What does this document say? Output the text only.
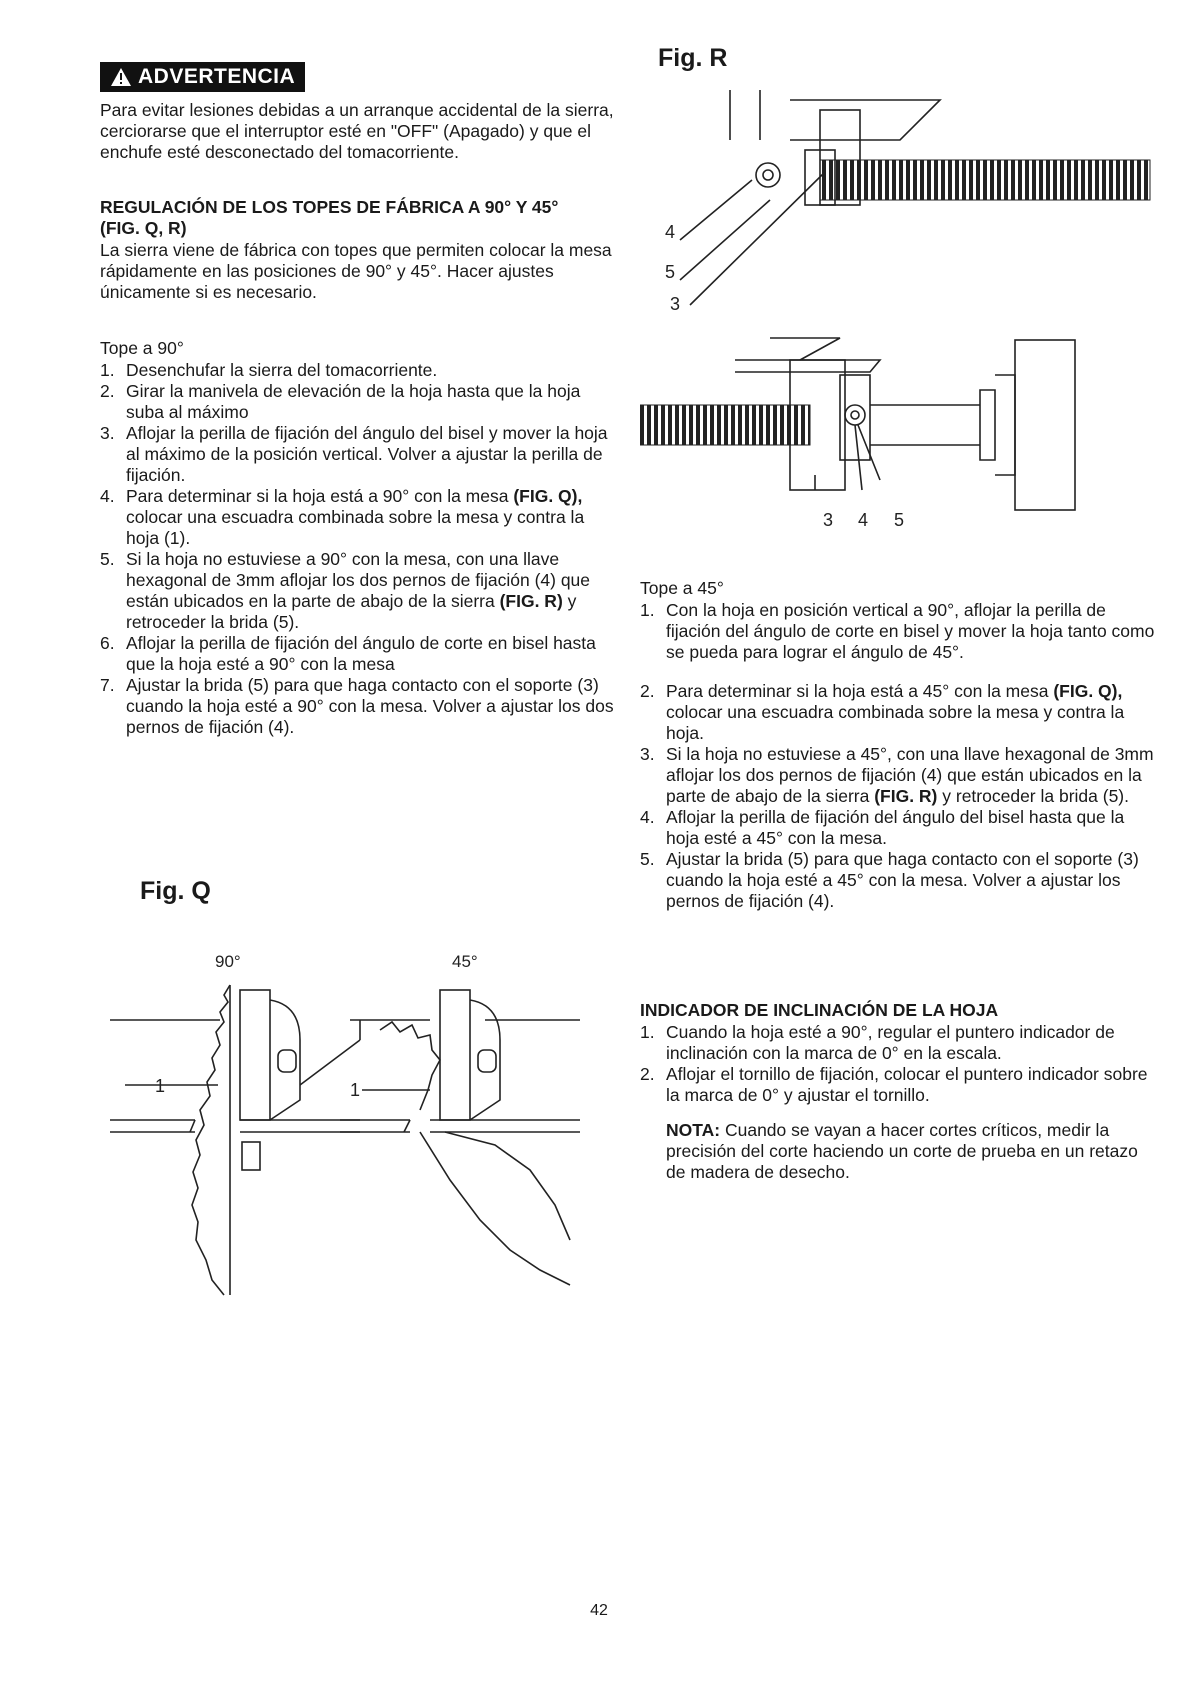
ADVERTENCIA
Para evitar lesiones debidas a un arranque accidental de la sierra, cerciorarse que el interruptor esté en "OFF" (Apagado) y que el enchufe esté desconectado del tomacorriente.
REGULACIÓN DE LOS TOPES DE FÁBRICA A 90° Y 45°
(FIG. Q, R)
La sierra viene de fábrica con topes que permiten colocar la mesa rápidamente en las posiciones de 90° y 45°. Hacer ajustes únicamente si es necesario.
Tope a 90°
1. Desenchufar la sierra del tomacorriente.
2. Girar la manivela de elevación de la hoja hasta que la hoja suba al máximo
3. Aflojar la perilla de fijación del ángulo del bisel y mover la hoja al máximo de la posición vertical. Volver a ajustar la perilla de fijación.
4. Para determinar si la hoja está a 90° con la mesa (FIG. Q), colocar una escuadra combinada sobre la mesa y contra la hoja (1).
5. Si la hoja no estuviese a 90° con la mesa, con una llave hexagonal de 3mm aflojar los dos pernos de fijación (4) que están ubicados en la parte de abajo de la sierra (FIG. R) y retroceder la brida (5).
6. Aflojar la perilla de fijación del ángulo de corte en bisel hasta que la hoja esté a 90° con la mesa
7. Ajustar la brida (5) para que haga contacto con el soporte (3) cuando la hoja esté a 90° con la mesa. Volver a ajustar los dos pernos de fijación (4).
Fig. Q
90°	45°
1	1
Fig. R
4
5
3
3 4 5
Tope a 45°
1. Con la hoja en posición vertical a 90°, aflojar la perilla de fijación del ángulo de corte en bisel y mover la hoja tanto como se pueda para lograr el ángulo de 45°.
2. Para determinar si la hoja está a 45° con la mesa (FIG. Q), colocar una escuadra combinada sobre la mesa y contra la hoja.
3. Si la hoja no estuviese a 45°, con una llave hexagonal de 3mm aflojar los dos pernos de fijación (4) que están ubicados en la parte de abajo de la sierra (FIG. R) y retroceder la brida (5).
4. Aflojar la perilla de fijación del ángulo del bisel hasta que la hoja esté a 45° con la mesa.
5. Ajustar la brida (5) para que haga contacto con el soporte (3) cuando la hoja esté a 45° con la mesa. Volver a ajustar los pernos de fijación (4).
INDICADOR DE INCLINACIÓN DE LA HOJA
1. Cuando la hoja esté a 90°, regular el puntero indicador de inclinación con la marca de 0° en la escala.
2. Aflojar el tornillo de fijación, colocar el puntero indicador sobre la marca de 0° y ajustar el tornillo.
NOTA: Cuando se vayan a hacer cortes críticos, medir la precisión del corte haciendo un corte de prueba en un retazo de madera de desecho.
42
